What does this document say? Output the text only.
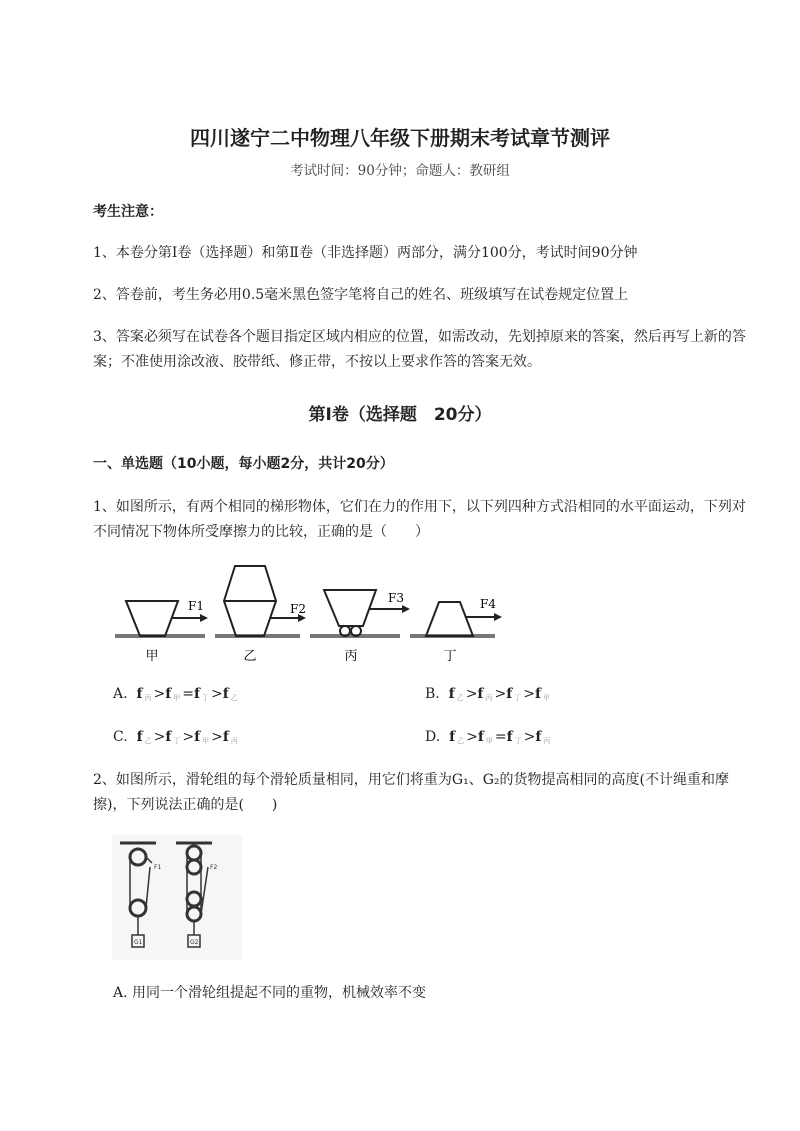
四川遂宁二中物理八年级下册期末考试章节测评
考试时间：90分钟；命题人：教研组
考生注意：
1、本卷分第I卷（选择题）和第Ⅱ卷（非选择题）两部分，满分100分，考试时间90分钟
2、答卷前，考生务必用0.5毫米黑色签字笔将自己的姓名、班级填写在试卷规定位置上
3、答案必须写在试卷各个题目指定区域内相应的位置，如需改动，先划掉原来的答案，然后再写上新的答案；不准使用涂改液、胶带纸、修正带，不按以上要求作答的答案无效。
第I卷（选择题　20分）
一、单选题（10小题，每小题2分，共计20分）
1、如图所示，有两个相同的梯形物体，它们在力的作用下，以下列四种方式沿相同的水平面运动，下列对不同情况下物体所受摩擦力的比较，正确的是（　　）
F1	F2
F3	F4
甲	乙	丙	丁
A. f 丙 >f 甲 =f 丁 >f 乙	B. f 乙 >f 丙 >f 丁 >f 甲
C. f 乙 >f 丁 >f 甲 >f 丙	D. f 乙 >f 甲 =f 丁 >f 丙
2、如图所示，滑轮组的每个滑轮质量相同，用它们将重为G₁、G₂的货物提高相同的高度(不计绳重和摩擦)，下列说法正确的是(　　)
G1	G2
F1	F2
A. 用同一个滑轮组提起不同的重物，机械效率不变
